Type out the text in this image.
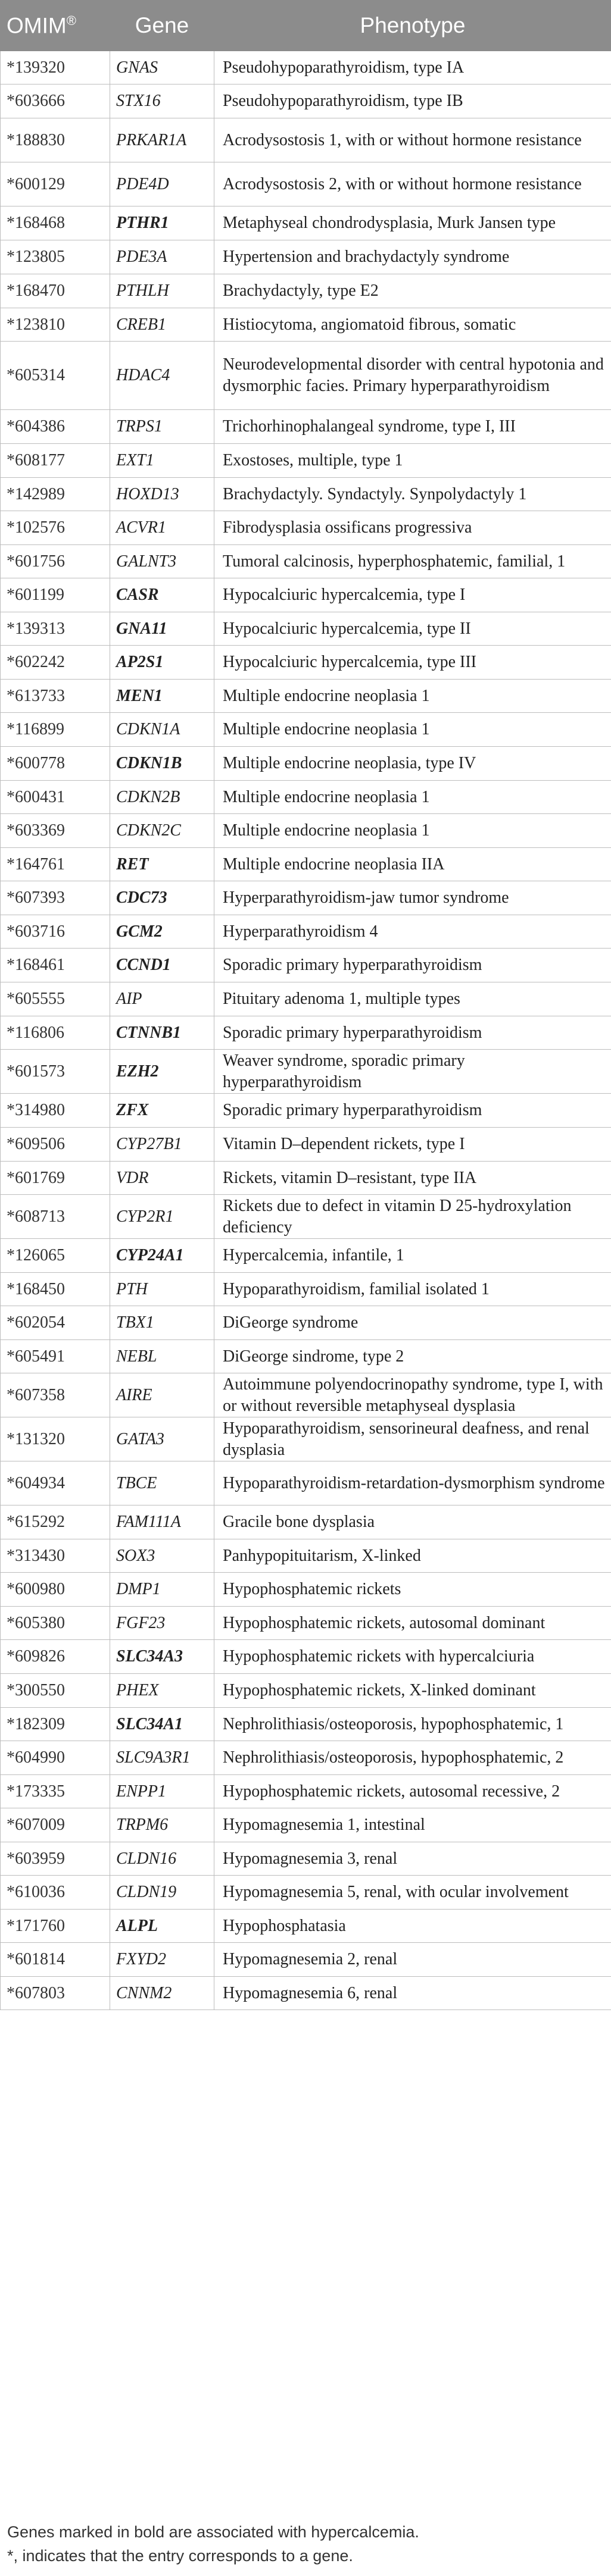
OMIM®	Gene	Phenotype
*139320	GNAS	Pseudohypoparathyroidism, type IA
*603666	STX16	Pseudohypoparathyroidism, type IB
*188830	PRKAR1A	Acrodysostosis 1, with or without hormone resistance
*600129	PDE4D	Acrodysostosis 2, with or without hormone resistance
*168468	PTHR1	Metaphyseal chondrodysplasia, Murk Jansen type
*123805	PDE3A	Hypertension and brachydactyly syndrome
*168470	PTHLH	Brachydactyly, type E2
*123810	CREB1	Histiocytoma, angiomatoid fibrous, somatic
*605314	HDAC4	Neurodevelopmental disorder with central hypotonia and dysmorphic facies. Primary hyperparathyroidism
*604386	TRPS1	Trichorhinophalangeal syndrome, type I, III
*608177	EXT1	Exostoses, multiple, type 1
*142989	HOXD13	Brachydactyly. Syndactyly. Synpolydactyly 1
*102576	ACVR1	Fibrodysplasia ossificans progressiva
*601756	GALNT3	Tumoral calcinosis, hyperphosphatemic, familial, 1
*601199	CASR	Hypocalciuric hypercalcemia, type I
*139313	GNA11	Hypocalciuric hypercalcemia, type II
*602242	AP2S1	Hypocalciuric hypercalcemia, type III
*613733	MEN1	Multiple endocrine neoplasia 1
*116899	CDKN1A	Multiple endocrine neoplasia 1
*600778	CDKN1B	Multiple endocrine neoplasia, type IV
*600431	CDKN2B	Multiple endocrine neoplasia 1
*603369	CDKN2C	Multiple endocrine neoplasia 1
*164761	RET	Multiple endocrine neoplasia IIA
*607393	CDC73	Hyperparathyroidism-jaw tumor syndrome
*603716	GCM2	Hyperparathyroidism 4
*168461	CCND1	Sporadic primary hyperparathyroidism
*605555	AIP	Pituitary adenoma 1, multiple types
*116806	CTNNB1	Sporadic primary hyperparathyroidism
*601573	EZH2	Weaver syndrome, sporadic primary hyperparathyroidism
*314980	ZFX	Sporadic primary hyperparathyroidism
*609506	CYP27B1	Vitamin D–dependent rickets, type I
*601769	VDR	Rickets, vitamin D–resistant, type IIA
*608713	CYP2R1	Rickets due to defect in vitamin D 25-hydroxylation deficiency
*126065	CYP24A1	Hypercalcemia, infantile, 1
*168450	PTH	Hypoparathyroidism, familial isolated 1
*602054	TBX1	DiGeorge syndrome
*605491	NEBL	DiGeorge sindrome, type 2
*607358	AIRE	Autoimmune polyendocrinopathy syndrome, type I, with or without reversible metaphyseal dysplasia
*131320	GATA3	Hypoparathyroidism, sensorineural deafness, and renal dysplasia
*604934	TBCE	Hypoparathyroidism-retardation-dysmorphism syndrome
*615292	FAM111A	Gracile bone dysplasia
*313430	SOX3	Panhypopituitarism, X-linked
*600980	DMP1	Hypophosphatemic rickets
*605380	FGF23	Hypophosphatemic rickets, autosomal dominant
*609826	SLC34A3	Hypophosphatemic rickets with hypercalciuria
*300550	PHEX	Hypophosphatemic rickets, X-linked dominant
*182309	SLC34A1	Nephrolithiasis/osteoporosis, hypophosphatemic, 1
*604990	SLC9A3R1	Nephrolithiasis/osteoporosis, hypophosphatemic, 2
*173335	ENPP1	Hypophosphatemic rickets, autosomal recessive, 2
*607009	TRPM6	Hypomagnesemia 1, intestinal
*603959	CLDN16	Hypomagnesemia 3, renal
*610036	CLDN19	Hypomagnesemia 5, renal, with ocular involvement
*171760	ALPL	Hypophosphatasia
*601814	FXYD2	Hypomagnesemia 2, renal
*607803	CNNM2	Hypomagnesemia 6, renal
Genes marked in bold are associated with hypercalcemia.
*, indicates that the entry corresponds to a gene.
